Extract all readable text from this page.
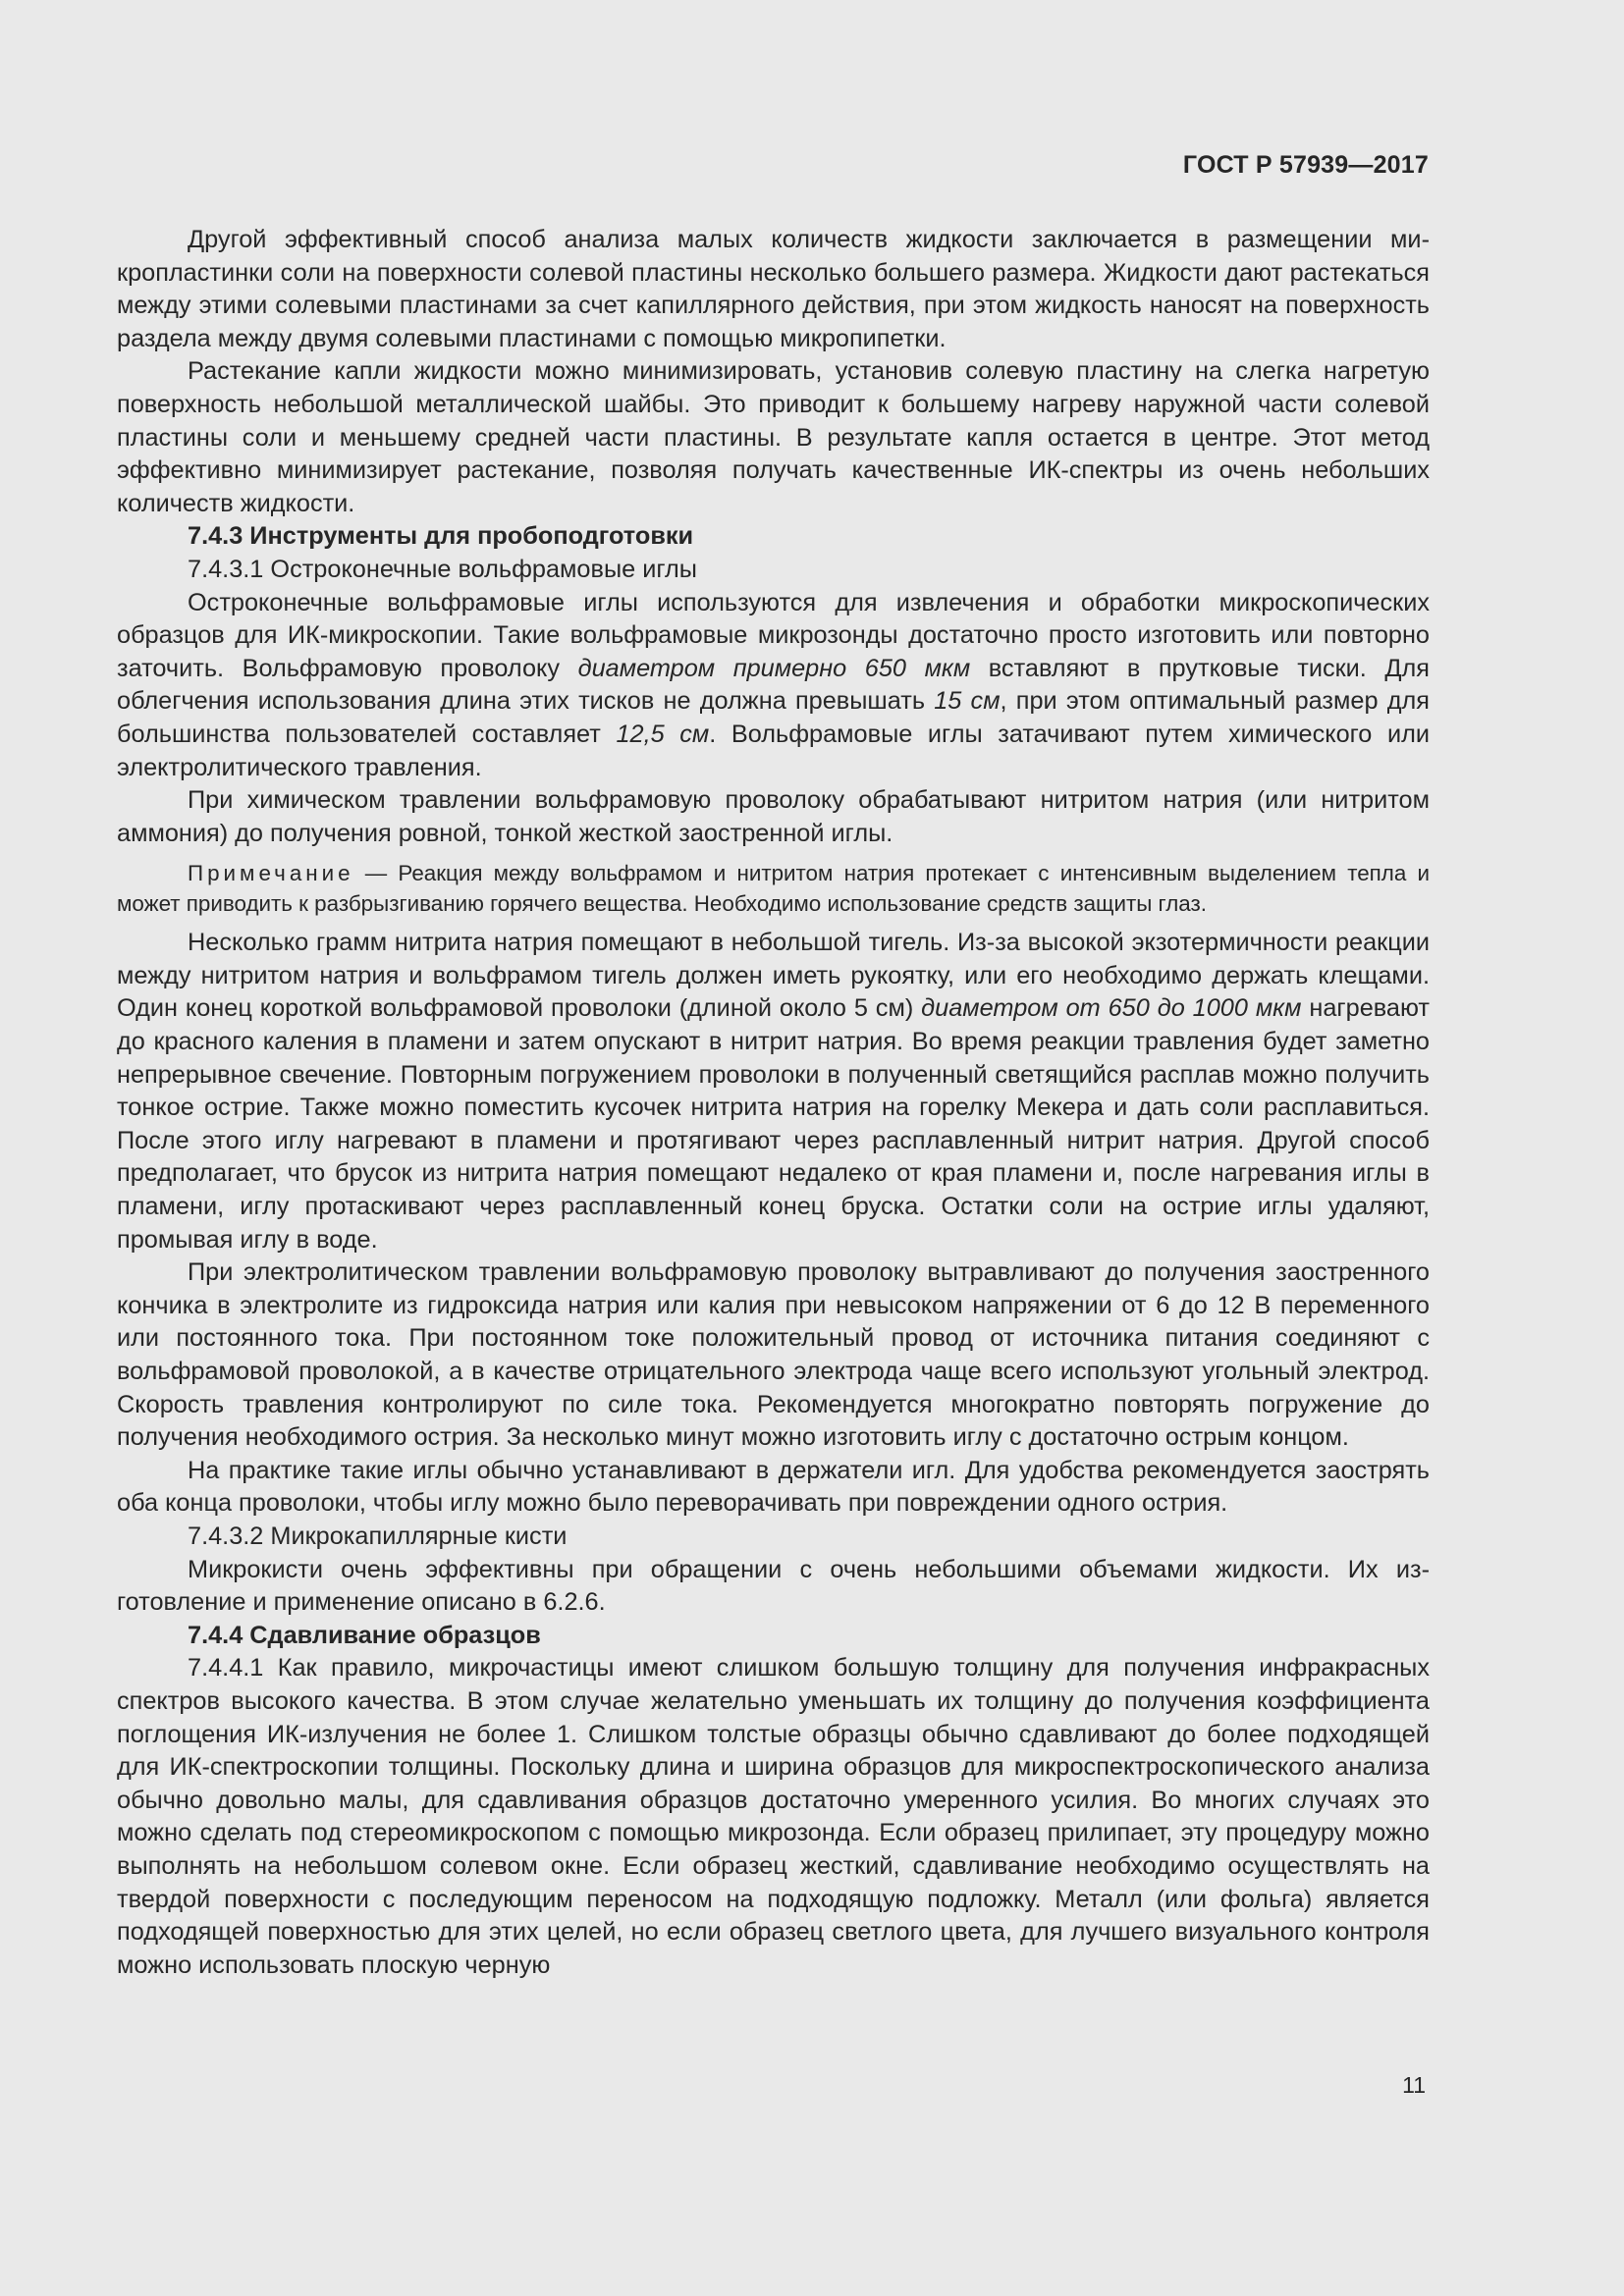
ГОСТ Р 57939—2017

Другой эффективный способ анализа малых количеств жидкости заключается в размещении микропластинки соли на поверхности солевой пластины несколько большего размера. Жидкости дают растекаться между этими солевыми пластинами за счет капиллярного действия, при этом жидкость наносят на поверхность раздела между двумя солевыми пластинами с помощью микропипетки.

Растекание капли жидкости можно минимизировать, установив солевую пластину на слегка нагретую поверхность небольшой металлической шайбы. Это приводит к большему нагреву наружной части солевой пластины соли и меньшему средней части пластины. В результате капля остается в центре. Этот метод эффективно минимизирует растекание, позволяя получать качественные ИК-спектры из очень небольших количеств жидкости.

7.4.3 Инструменты для пробоподготовки
7.4.3.1 Остроконечные вольфрамовые иглы

Остроконечные вольфрамовые иглы используются для извлечения и обработки микроскопических образцов для ИК-микроскопии. Такие вольфрамовые микрозонды достаточно просто изготовить или повторно заточить. Вольфрамовую проволоку диаметром примерно 650 мкм вставляют в прутковые тиски. Для облегчения использования длина этих тисков не должна превышать 15 см, при этом оптимальный размер для большинства пользователей составляет 12,5 см. Вольфрамовые иглы затачивают путем химического или электролитического травления.

При химическом травлении вольфрамовую проволоку обрабатывают нитритом натрия (или нитритом аммония) до получения ровной, тонкой жесткой заостренной иглы.

Примечание — Реакция между вольфрамом и нитритом натрия протекает с интенсивным выделением тепла и может приводить к разбрызгиванию горячего вещества. Необходимо использование средств защиты глаз.

Несколько грамм нитрита натрия помещают в небольшой тигель. Из-за высокой экзотермичности реакции между нитритом натрия и вольфрамом тигель должен иметь рукоятку, или его необходимо держать клещами. Один конец короткой вольфрамовой проволоки (длиной около 5 см) диаметром от 650 до 1000 мкм нагревают до красного каления в пламени и затем опускают в нитрит натрия. Во время реакции травления будет заметно непрерывное свечение. Повторным погружением проволоки в полученный светящийся расплав можно получить тонкое острие. Также можно поместить кусочек нитрита натрия на горелку Мекера и дать соли расплавиться. После этого иглу нагревают в пламени и протягивают через расплавленный нитрит натрия. Другой способ предполагает, что брусок из нитрита натрия помещают недалеко от края пламени и, после нагревания иглы в пламени, иглу протаскивают через расплавленный конец бруска. Остатки соли на острие иглы удаляют, промывая иглу в воде.

При электролитическом травлении вольфрамовую проволоку вытравливают до получения заостренного кончика в электролите из гидроксида натрия или калия при невысоком напряжении от 6 до 12 В переменного или постоянного тока. При постоянном токе положительный провод от источника питания соединяют с вольфрамовой проволокой, а в качестве отрицательного электрода чаще всего используют угольный электрод. Скорость травления контролируют по силе тока. Рекомендуется многократно повторять погружение до получения необходимого острия. За несколько минут можно изготовить иглу с достаточно острым концом.

На практике такие иглы обычно устанавливают в держатели игл. Для удобства рекомендуется заострять оба конца проволоки, чтобы иглу можно было переворачивать при повреждении одного острия.

7.4.3.2 Микрокапиллярные кисти

Микрокисти очень эффективны при обращении с очень небольшими объемами жидкости. Их изготовление и применение описано в 6.2.6.

7.4.4 Сдавливание образцов

7.4.4.1 Как правило, микрочастицы имеют слишком большую толщину для получения инфракрасных спектров высокого качества. В этом случае желательно уменьшать их толщину до получения коэффициента поглощения ИК-излучения не более 1. Слишком толстые образцы обычно сдавливают до более подходящей для ИК-спектроскопии толщины. Поскольку длина и ширина образцов для микроспектроскопического анализа обычно довольно малы, для сдавливания образцов достаточно умеренного усилия. Во многих случаях это можно сделать под стереомикроскопом с помощью микрозонда. Если образец прилипает, эту процедуру можно выполнять на небольшом солевом окне. Если образец жесткий, сдавливание необходимо осуществлять на твердой поверхности с последующим переносом на подходящую подложку. Металл (или фольга) является подходящей поверхностью для этих целей, но если образец светлого цвета, для лучшего визуального контроля можно использовать плоскую черную

11
